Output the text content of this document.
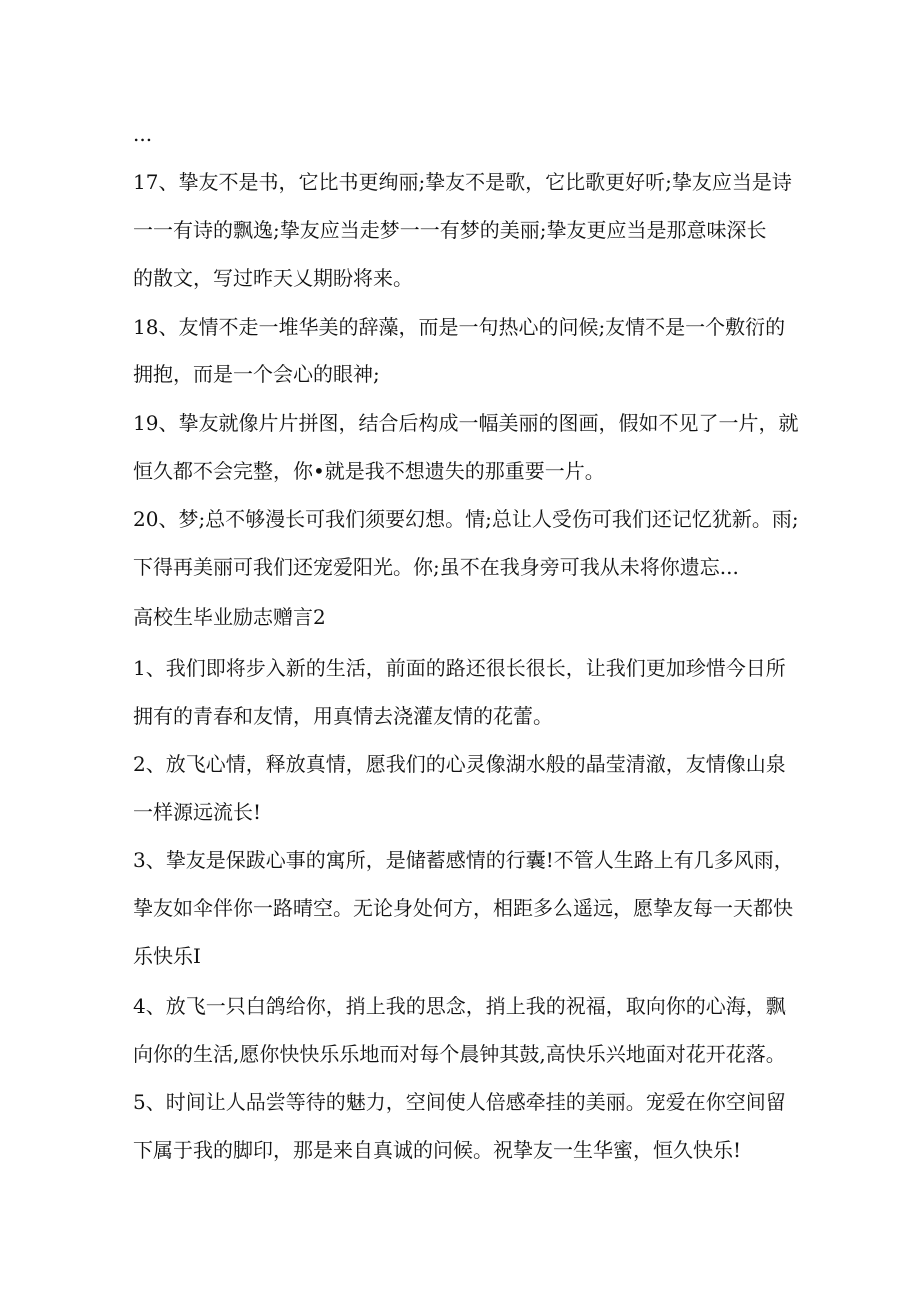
...
17、挚友不是书，它比书更绚丽;挚友不是歌，它比歌更好听;挚友应当是诗
一一有诗的飘逸;挚友应当走梦一一有梦的美丽;挚友更应当是那意味深长
的散文，写过昨天乂期盼将来。
18、友情不走一堆华美的辞藻，而是一句热心的问候;友情不是一个敷衍的
拥抱，而是一个会心的眼神;
19、挚友就像片片拼图，结合后构成一幅美丽的图画，假如不见了一片，就
恒久都不会完整，你•就是我不想遗失的那重要一片。
20、梦;总不够漫长可我们须要幻想。情;总让人受伤可我们还记忆犹新。雨;
下得再美丽可我们还宠爱阳光。你;虽不在我身旁可我从未将你遗忘...
高校生毕业励志赠言2
1、我们即将步入新的生活，前面的路还很长很长，让我们更加珍惜今日所
拥有的青春和友情，用真情去浇灌友情的花蕾。
2、放飞心情，释放真情，愿我们的心灵像湖水般的晶莹清澈，友情像山泉
一样源远流长!
3、挚友是保跋心事的寓所，是储蓄感情的行囊!不管人生路上有几多风雨，
挚友如伞伴你一路晴空。无论身处何方，相距多么遥远，愿挚友每一天都快
乐快乐I
4、放飞一只白鸽给你，捎上我的思念，捎上我的祝福，取向你的心海，飘
向你的生活,愿你快快乐乐地而对每个晨钟其鼓,高快乐兴地面对花开花落。
5、时间让人品尝等待的魅力，空间使人倍感牵挂的美丽。宠爱在你空间留
下属于我的脚印，那是来自真诚的问候。祝挚友一生华蜜，恒久快乐!
